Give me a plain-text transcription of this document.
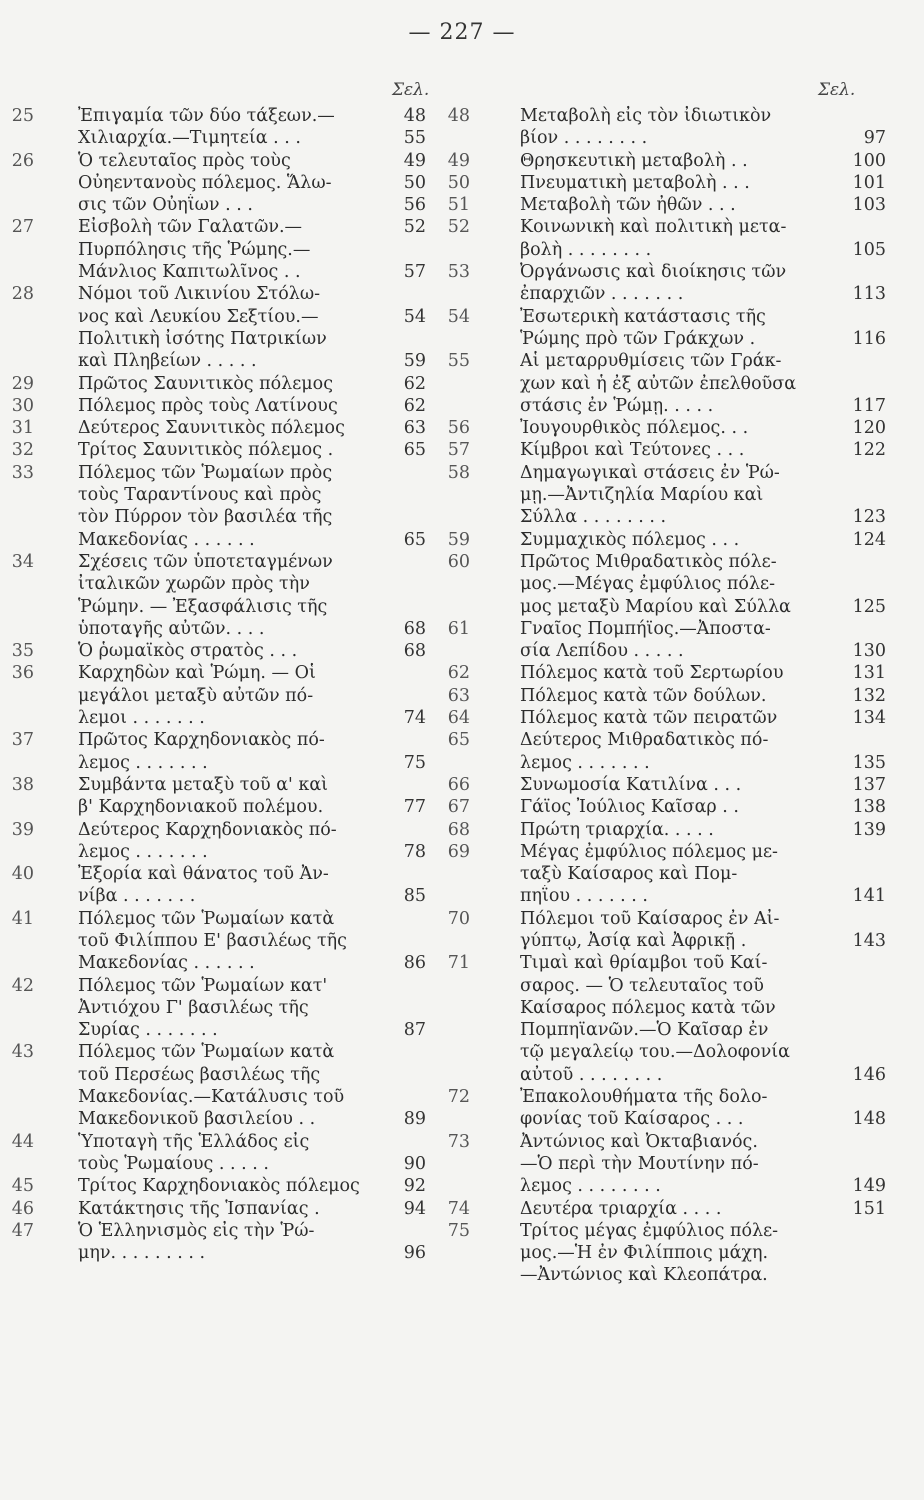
— 227 —
Σελ.
25	Ἐπιγαμία τῶν δύο τάξεων.—	48
Χιλιαρχία.—Τιμητεία . . .	55
26	Ὁ τελευταῖος πρὸς τοὺς	49
Οὐηεντανοὺς πόλεμος. Ἅλω-	50
σις τῶν Οὐηΐων . . .	56
27	Εἰσβολὴ τῶν Γαλατῶν.—	52
Πυρπόλησις τῆς Ῥώμης.—
Μάνλιος Καπιτωλῖνος . .	57
28	Νόμοι τοῦ Λικινίου Στόλω-
νος καὶ Λευκίου Σεξτίου.—	54
Πολιτικὴ ἰσότης Πατρικίων
καὶ Πληβείων . . . . .	59
29	Πρῶτος Σαυνιτικὸς πόλεμος	62
30	Πόλεμος πρὸς τοὺς Λατίνους	62
31	Δεύτερος Σαυνιτικὸς πόλεμος	63
32	Τρίτος Σαυνιτικὸς πόλεμος .	65
33	Πόλεμος τῶν Ῥωμαίων πρὸς
τοὺς Ταραντίνους καὶ πρὸς
τὸν Πύρρον τὸν βασιλέα τῆς
Μακεδονίας . . . . . .	65
34	Σχέσεις τῶν ὑποτεταγμένων
ἰταλικῶν χωρῶν πρὸς τὴν
Ῥώμην. — Ἐξασφάλισις τῆς
ὑποταγῆς αὐτῶν. . . .	68
35	Ὁ ῥωμαϊκὸς στρατὸς . . .	68
36	Καρχηδὼν καὶ Ῥώμη. — Οἱ
μεγάλοι μεταξὺ αὐτῶν πό-
λεμοι . . . . . . .	74
37	Πρῶτος Καρχηδονιακὸς πό-
λεμος . . . . . . .	75
38	Συμβάντα μεταξὺ τοῦ α' καὶ
β' Καρχηδονιακοῦ πολέμου.	77
39	Δεύτερος Καρχηδονιακὸς πό-
λεμος . . . . . . .	78
40	Ἐξορία καὶ θάνατος τοῦ Ἀν-
νίβα . . . . . . .	85
41	Πόλεμος τῶν Ῥωμαίων κατὰ
τοῦ Φιλίππου Ε' βασιλέως τῆς
Μακεδονίας . . . . . .	86
42	Πόλεμος τῶν Ῥωμαίων κατ'
Ἀντιόχου Γ' βασιλέως τῆς
Συρίας . . . . . . .	87
43	Πόλεμος τῶν Ῥωμαίων κατὰ
τοῦ Περσέως βασιλέως τῆς
Μακεδονίας.—Κατάλυσις τοῦ
Μακεδονικοῦ βασιλείου . .	89
44	Ὑποταγὴ τῆς Ἑλλάδος εἰς
τοὺς Ῥωμαίους . . . . .	90
45	Τρίτος Καρχηδονιακὸς πόλεμος	92
46	Κατάκτησις τῆς Ἱσπανίας .	94
47	Ὁ Ἑλληνισμὸς εἰς τὴν Ῥώ-
μην. . . . . . . . .	96
Σελ.
48	Μεταβολὴ εἰς τὸν ἰδιωτικὸν
βίον . . . . . . . .	97
49	Θρησκευτικὴ μεταβολὴ . .	100
50	Πνευματικὴ μεταβολὴ . . .	101
51	Μεταβολὴ τῶν ἠθῶν . . .	103
52	Κοινωνικὴ καὶ πολιτικὴ μετα-
βολὴ . . . . . . . .	105
53	Ὀργάνωσις καὶ διοίκησις τῶν
ἐπαρχιῶν . . . . . . .	113
54	Ἐσωτερικὴ κατάστασις τῆς
Ῥώμης πρὸ τῶν Γράκχων .	116
55	Αἱ μεταρρυθμίσεις τῶν Γράκ-
χων καὶ ἡ ἐξ αὐτῶν ἐπελθοῦσα
στάσις ἐν Ῥώμῃ. . . . .	117
56	Ἰουγουρθικὸς πόλεμος. . .	120
57	Κίμβροι καὶ Τεύτονες . . .	122
58	Δημαγωγικαὶ στάσεις ἐν Ῥώ-
μῃ.—Ἀντιζηλία Μαρίου καὶ
Σύλλα . . . . . . . .	123
59	Συμμαχικὸς πόλεμος . . .	124
60	Πρῶτος Μιθραδατικὸς πόλε-
μος.—Μέγας ἐμφύλιος πόλε-
μος μεταξὺ Μαρίου καὶ Σύλλα	125
61	Γναῖος Πομπήϊος.—Ἀποστα-
σία Λεπίδου . . . . .	130
62	Πόλεμος κατὰ τοῦ Σερτωρίου	131
63	Πόλεμος κατὰ τῶν δούλων.	132
64	Πόλεμος κατὰ τῶν πειρατῶν	134
65	Δεύτερος Μιθραδατικὸς πό-
λεμος . . . . . . .	135
66	Συνωμοσία Κατιλίνα . . .	137
67	Γάϊος Ἰούλιος Καῖσαρ . .	138
68	Πρώτη τριαρχία. . . . .	139
69	Μέγας ἐμφύλιος πόλεμος με-
ταξὺ Καίσαρος καὶ Πομ-
πηΐου . . . . . . .	141
70	Πόλεμοι τοῦ Καίσαρος ἐν Αἰ-
γύπτῳ, Ἀσίᾳ καὶ Ἀφρικῇ .	143
71	Τιμαὶ καὶ θρίαμβοι τοῦ Καί-
σαρος. — Ὁ τελευταῖος τοῦ
Καίσαρος πόλεμος κατὰ τῶν
Πομπηϊανῶν.—Ὁ Καῖσαρ ἐν
τῷ μεγαλείῳ του.—Δολοφονία
αὐτοῦ . . . . . . . .	146
72	Ἐπακολουθήματα τῆς δολο-
φονίας τοῦ Καίσαρος . . .	148
73	Ἀντώνιος καὶ Ὀκταβιανός.
—Ὁ περὶ τὴν Μουτίνην πό-
λεμος . . . . . . . .	149
74	Δευτέρα τριαρχία . . . .	151
75	Τρίτος μέγας ἐμφύλιος πόλε-
μος.—Ἡ ἐν Φιλίπποις μάχη.
—Ἀντώνιος καὶ Κλεοπάτρα.
